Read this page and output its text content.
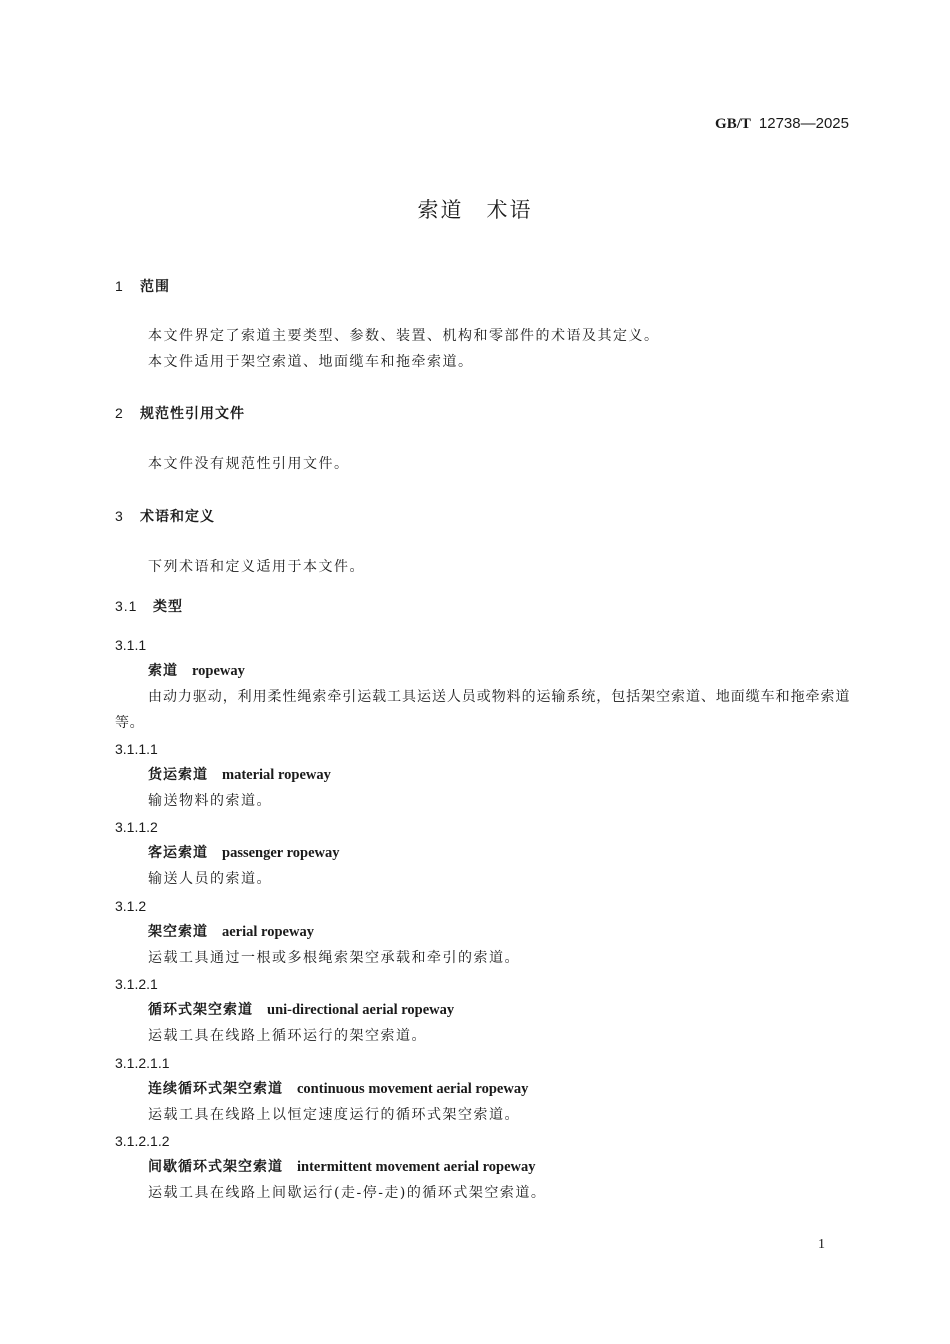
GB/T 12738—2025
索道　术语
1 范围
本文件界定了索道主要类型、参数、装置、机构和零部件的术语及其定义。
本文件适用于架空索道、地面缆车和拖牵索道。
2 规范性引用文件
本文件没有规范性引用文件。
3 术语和定义
下列术语和定义适用于本文件。
3.1 类型
3.1.1
索道 ropeway
由动力驱动，利用柔性绳索牵引运载工具运送人员或物料的运输系统，包括架空索道、地面缆车和拖牵索道等。
3.1.1.1
货运索道 material ropeway
输送物料的索道。
3.1.1.2
客运索道 passenger ropeway
输送人员的索道。
3.1.2
架空索道 aerial ropeway
运载工具通过一根或多根绳索架空承载和牵引的索道。
3.1.2.1
循环式架空索道 uni-directional aerial ropeway
运载工具在线路上循环运行的架空索道。
3.1.2.1.1
连续循环式架空索道 continuous movement aerial ropeway
运载工具在线路上以恒定速度运行的循环式架空索道。
3.1.2.1.2
间歇循环式架空索道 intermittent movement aerial ropeway
运载工具在线路上间歇运行(走-停-走)的循环式架空索道。
1
